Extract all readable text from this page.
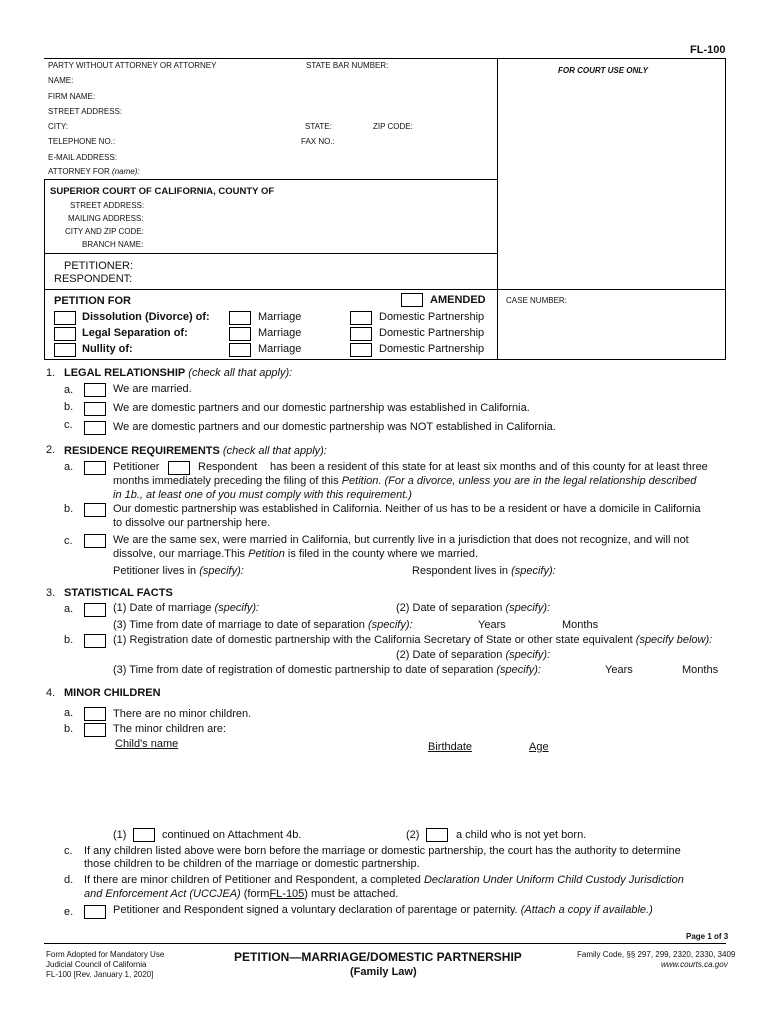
FL-100
PARTY WITHOUT ATTORNEY OR ATTORNEY	STATE BAR NUMBER:
FOR COURT USE ONLY
NAME:
FIRM NAME:
STREET ADDRESS:
CITY:	STATE:	ZIP CODE:
TELEPHONE NO.:	FAX NO.:
E-MAIL ADDRESS:
ATTORNEY FOR (name):
SUPERIOR COURT OF CALIFORNIA, COUNTY OF
STREET ADDRESS:
MAILING ADDRESS:
CITY AND ZIP CODE:
BRANCH NAME:
PETITIONER:
RESPONDENT:
PETITION FOR	AMENDED	CASE NUMBER:
Dissolution (Divorce) of:	Marriage	Domestic Partnership
Legal Separation of:	Marriage	Domestic Partnership
Nullity of:	Marriage	Domestic Partnership
1. LEGAL RELATIONSHIP (check all that apply):
a.	We are married.
b.	We are domestic partners and our domestic partnership was established in California.
c.	We are domestic partners and our domestic partnership was NOT established in California.
2. RESIDENCE REQUIREMENTS (check all that apply):
a.	Petitioner	Respondent has been a resident of this state for at least six months and of this county for at least three
months immediately preceding the filing of this Petition. (For a divorce, unless you are in the legal relationship described
in 1b., at least one of you must comply with this requirement.)
b.	Our domestic partnership was established in California. Neither of us has to be a resident or have a domicile in California
to dissolve our partnership here.
c.	We are the same sex, were married in California, but currently live in a jurisdiction that does not recognize, and will not
dissolve, our marriage.This Petition is filed in the county where we married.
Petitioner lives in (specify):	Respondent lives in (specify):
3. STATISTICAL FACTS
a.	(1) Date of marriage (specify):	(2) Date of separation (specify):
(3) Time from date of marriage to date of separation (specify):	Years	Months
b.	(1) Registration date of domestic partnership with the California Secretary of State or other state equivalent (specify below):
(2) Date of separation (specify):
(3) Time from date of registration of domestic partnership to date of separation (specify):	Years	Months
4. MINOR CHILDREN
a.	There are no minor children.
b.	The minor children are:
Child's name	Birthdate	Age
(1)	continued on Attachment 4b.	(2)	a child who is not yet born.
c. If any children listed above were born before the marriage or domestic partnership, the court has the authority to determine
those children to be children of the marriage or domestic partnership.
d. If there are minor children of Petitioner and Respondent, a completed Declaration Under Uniform Child Custody Jurisdiction
and Enforcement Act (UCCJEA) (formFL-105) must be attached.
e.	Petitioner and Respondent signed a voluntary declaration of parentage or paternity. (Attach a copy if available.)
Page 1 of 3
Form Adopted for Mandatory Use
Judicial Council of California
FL-100 [Rev. January 1, 2020]
PETITION—MARRIAGE/DOMESTIC PARTNERSHIP
(Family Law)
Family Code, §§ 297, 299, 2320, 2330, 3409
www.courts.ca.gov
